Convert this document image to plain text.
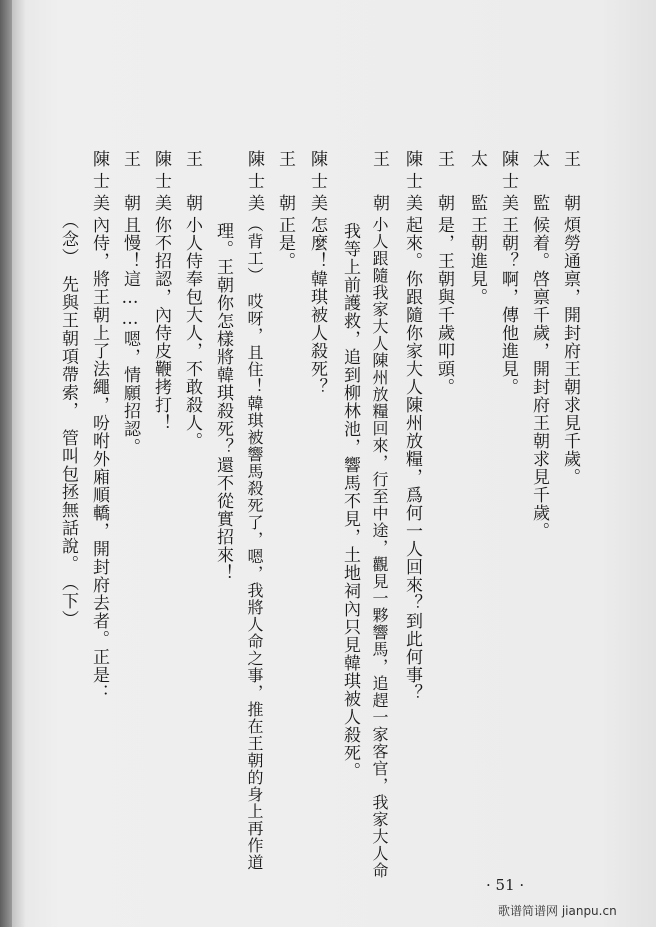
王　朝煩勞通禀，開封府王朝求見千歲。
太　監候着。啓禀千歲，開封府王朝求見千歲。
陳士美王朝？啊，傳他進見。
太　監王朝進見。
王　朝是，王朝與千歲叩頭。
陳士美起來。你跟隨你家大人陳州放糧，爲何一人回來？到此何事？
王　朝小人跟隨我家大人陳州放糧回來，行至中途，觀見一夥響馬，追趕一家客官，我家大人命
我等上前護救，追到柳林池，響馬不見，土地祠內只見韓琪被人殺死。
陳士美怎麼！韓琪被人殺死？
王　朝正是。
陳士美（背工）　哎呀，且住！韓琪被響馬殺死了，嗯，我將人命之事，推在王朝的身上再作道
理。王朝你怎樣將韓琪殺死？還不從實招來！
王　朝小人侍奉包大人，不敢殺人。
陳士美你不招認，內侍皮鞭拷打！
王　朝且慢！這……嗯，情願招認。
陳士美內侍，將王朝上了法繩，吩咐外廂順轎，開封府去者。正是：
（念）　先與王朝項帶索，　管叫包拯無話說。　（下）
· 51 ·
歌谱简谱网 jianpu.cn
